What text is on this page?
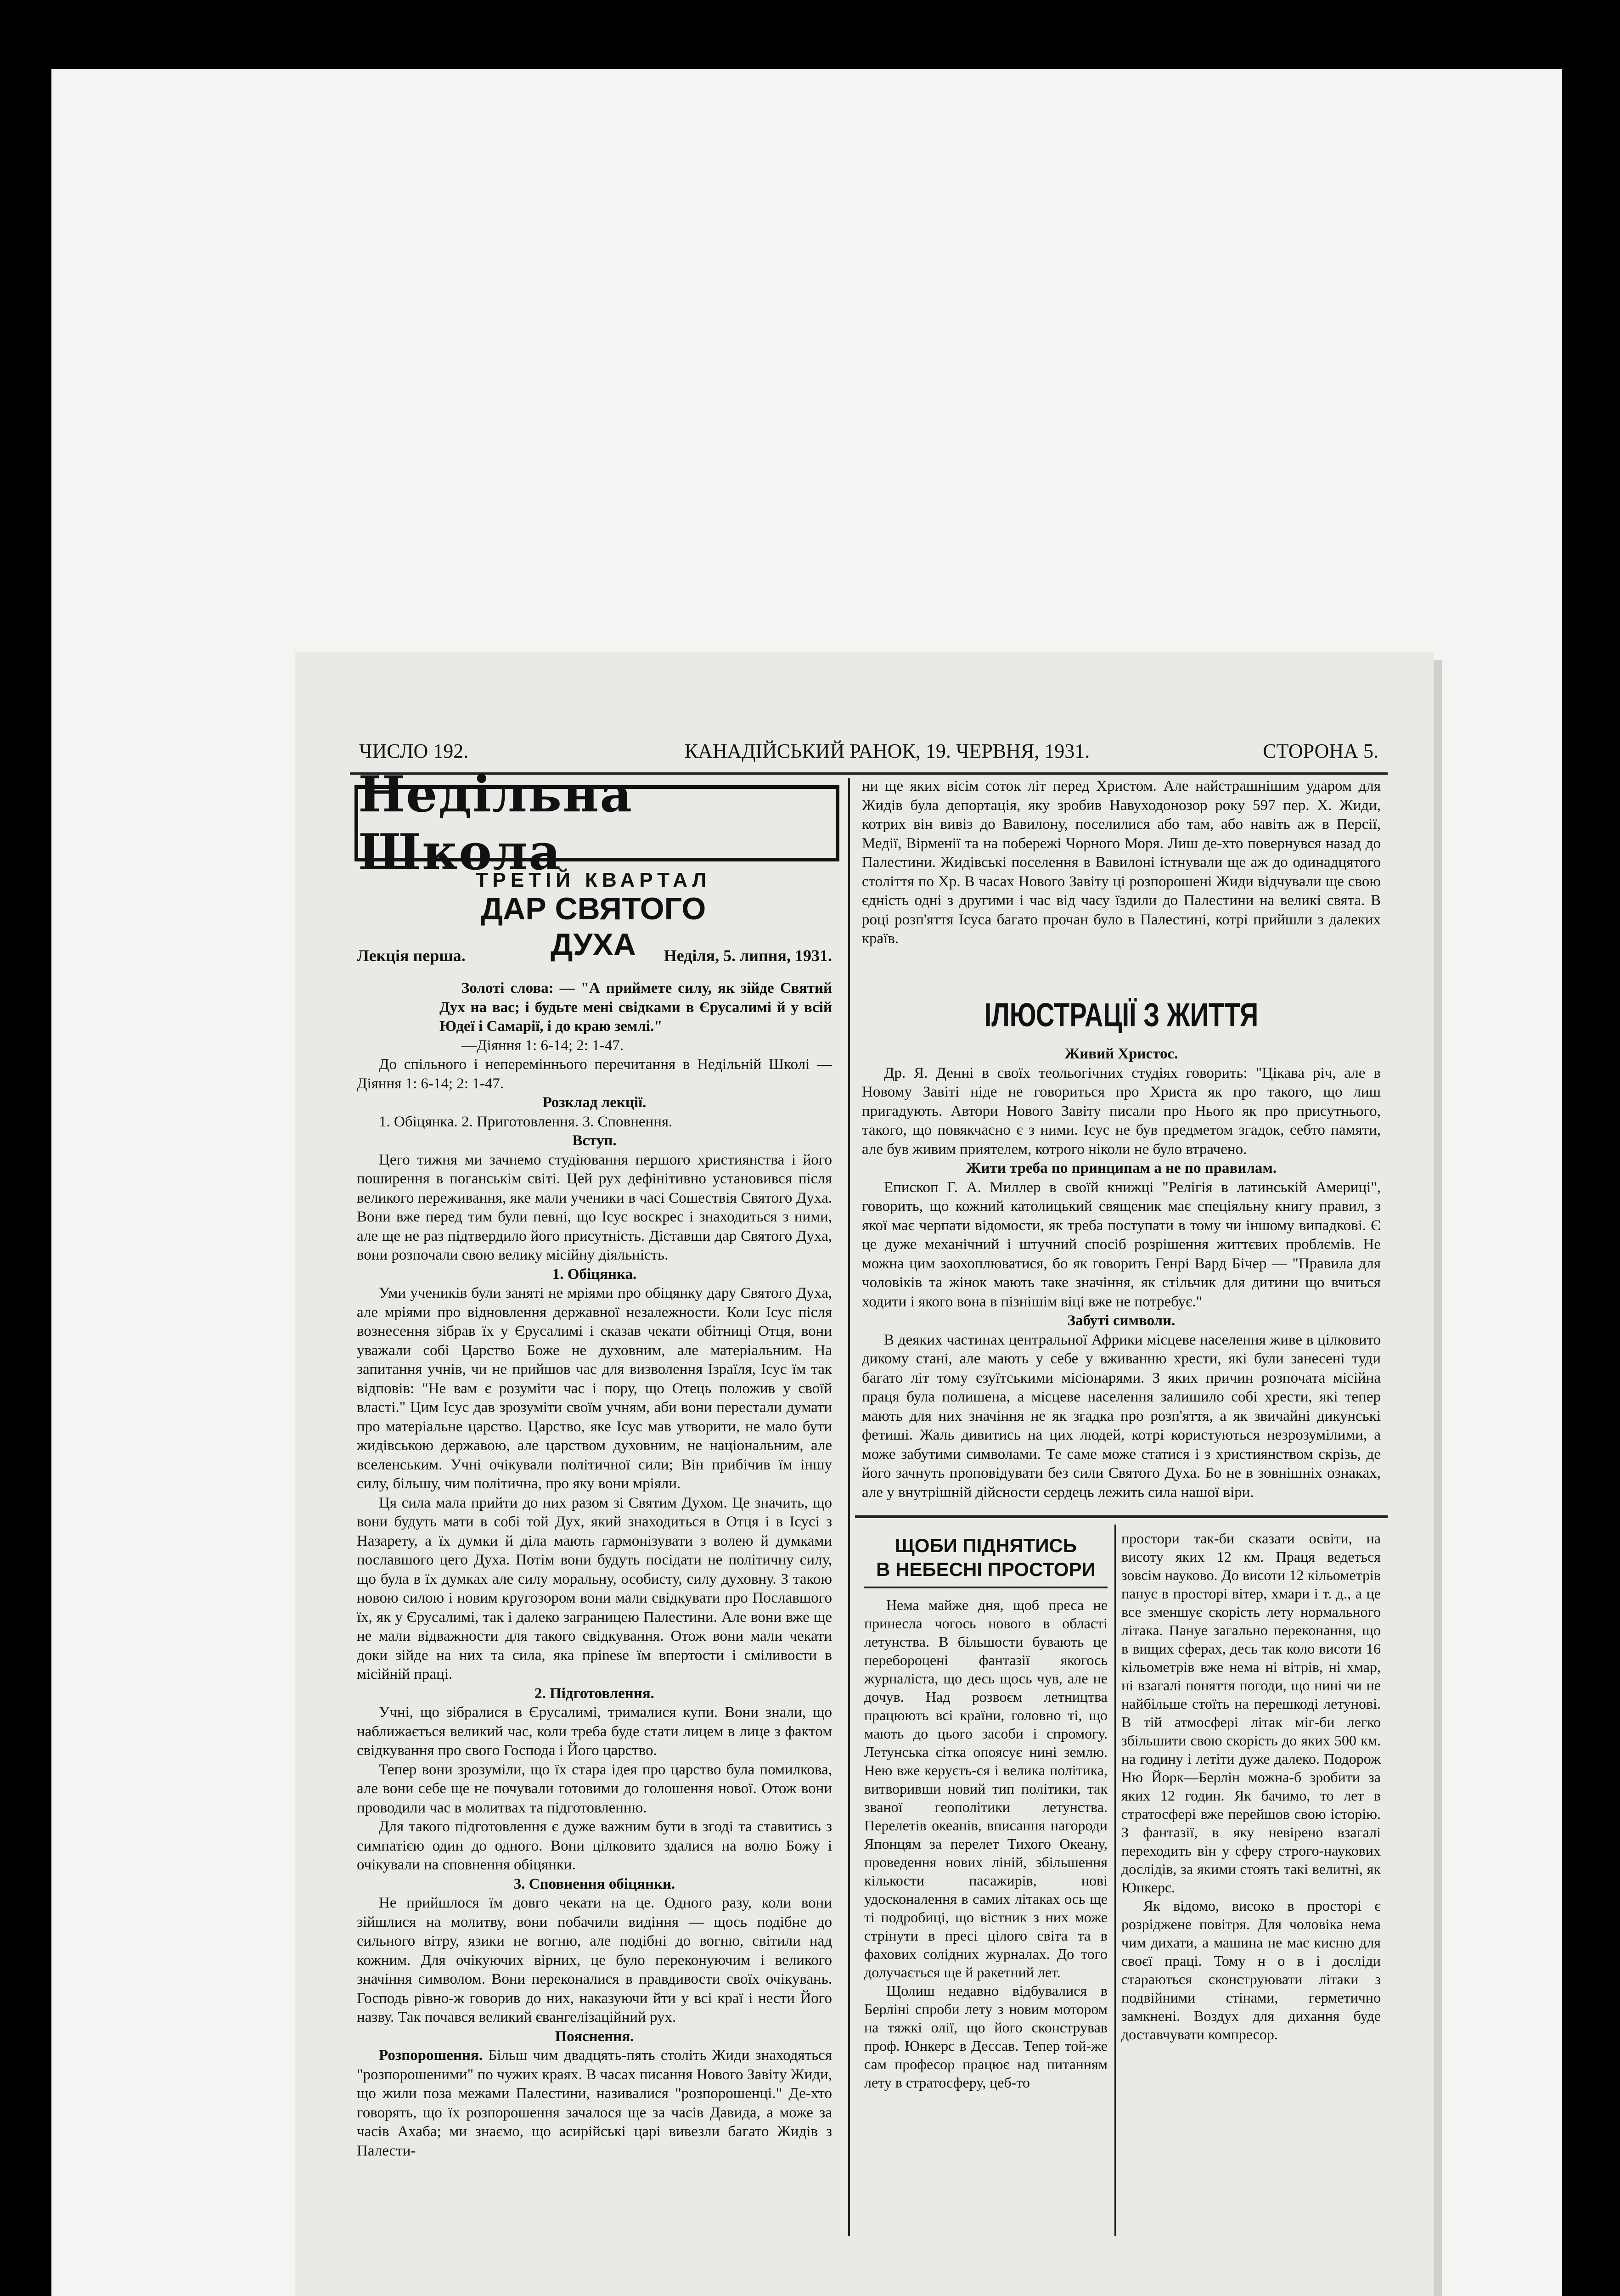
ЧИСЛО 192.	КАНАДІЙСЬКИЙ РАНОК, 19. ЧЕРВНЯ, 1931.	СТОРОНА 5.
Недільна Школа
ТРЕТІЙ КВАРТАЛ
ДАР СВЯТОГО ДУХА
Лекція перша.	Неділя, 5. липня, 1931.

Золоті слова: — "А приймете силу, як зійде Святий Дух на вас; і будьте мені свідками в Єрусалимі й у всій Юдеї і Самарії, і до краю землі."

—Діяння 1: 6-14; 2: 1-47.

До спільного і непереміннього перечитання в Недільній Школі — Діяння 1: 6-14; 2: 1-47.

Розклад лекції.

1. Обіцянка. 2. Приготовлення. 3. Сповнення.

Вступ.

Цего тижня ми зачнемо студіювання першого християнства і його поширення в поганськім світі. Цей рух дефінітивно установився після великого переживання, яке мали ученики в часі Сошествія Святого Духа. Вони вже перед тим були певні, що Ісус воскрес і знаходиться з ними, але ще не раз підтвердило його присутність. Діставши дар Святого Духа, вони розпочали свою велику місійну діяльність.

1. Обіцянка.

Уми учеників були заняті не мріями про обіцянку дару Святого Духа, але мріями про відновлення державної незалежности. Коли Ісус після вознесення зібрав їх у Єрусалимі і сказав чекати обітниці Отця, вони уважали собі Царство Боже не духовним, але матеріальним. На запитання учнів, чи не прийшов час для визволення Ізраїля, Ісус їм так відповів: "Не вам є розуміти час і пору, що Отець положив у своїй власті." Цим Ісус дав зрозуміти своїм учням, аби вони перестали думати про матеріальне царство. Царство, яке Ісус мав утворити, не мало бути жидівською державою, але царством духовним, не національним, але вселенським. Учні очікували політичної сили; Він прибічив їм іншу силу, більшу, чим політична, про яку вони мріяли.

Ця сила мала прийти до них разом зі Святим Духом. Це значить, що вони будуть мати в собі той Дух, який знаходиться в Отця і в Ісусі з Назарету, а їх думки й діла мають гармонізувати з волею й думками пославшого цего Духа. Потім вони будуть посідати не політичну силу, що була в їх думках але силу моральну, особисту, силу духовну. З такою новою силою і новим кругозором вони мали свідкувати про Пославшого їх, як у Єрусалимі, так і далеко заграницею Палестини. Але вони вже ще не мали відважности для такого свідкування. Отож вони мали чекати доки зійде на них та сила, яка прinesе їм впертости і сміливости в місійній праці.

2. Підготовлення.

Учні, що зібралися в Єрусалимі, трималися купи. Вони знали, що наближається великий час, коли треба буде стати лицем в лице з фактом свідкування про свого Господа і Його царство.

Тепер вони зрозуміли, що їх стара ідея про царство була помилкова, але вони себе ще не почували готовими до голошення нової. Отож вони проводили час в молитвах та підготовленню.

Для такого підготовлення є дуже важним бути в згоді та ставитись з симпатією один до одного. Вони цілковито здалися на волю Божу і очікували на сповнення обіцянки.

3. Сповнення обіцянки.

Не прийшлося їм довго чекати на це. Одного разу, коли вони зійшлися на молитву, вони побачили видіння — щось подібне до сильного вітру, язики не вогню, але подібні до вогню, світили над кожним. Для очікуючих вірних, це було переконуючим і великого значіння символом. Вони переконалися в правдивости своїх очікувань. Господь рівно-ж говорив до них, наказуючи йти у всі краї і нести Його назву. Так почався великий євангелізаційний рух.

Пояснення.

Розпорошення. Більш чим двадцять-пять століть Жиди знаходяться "розпорошеними" по чужих краях. В часах писання Нового Завіту Жиди, що жили поза межами Палестини, називалися "розпорошенці." Де-хто говорять, що їх розпорошення зачалося ще за часів Давида, а може за часів Ахаба; ми знаємо, що асирійські царі вивезли багато Жидів з Палести-

ни ще яких вісім соток літ перед Христом. Але найстрашнішим ударом для Жидів була депортація, яку зробив Навуходонозор року 597 пер. Х. Жиди, котрих він вивіз до Вавилону, поселилися або там, або навіть аж в Персії, Медії, Вірменії та на побережі Чорного Моря. Лиш де-хто повернувся назад до Палестини. Жидівські поселення в Вавилоні істнували ще аж до одинадцятого століття по Хр. В часах Нового Завіту ці розпорошені Жиди відчували ще свою єдність одні з другими і час від часу їздили до Палестини на великі свята. В році розп'яття Ісуса багато прочан було в Палестині, котрі прийшли з далеких країв.

ІЛЮСТРАЦІЇ З ЖИТТЯ

Живий Христос.

Др. Я. Денні в своїх теольогічних студіях говорить: "Цікава річ, але в Новому Завіті ніде не говориться про Христа як про такого, що лиш пригадують. Автори Нового Завіту писали про Нього як про присутнього, такого, що повякчасно є з ними. Ісус не був предметом згадок, себто памяти, але був живим приятелем, котрого ніколи не було втрачено.

Жити треба по принципам а не по правилам.

Епископ Г. А. Миллер в своїй книжці "Релігія в латинській Америці", говорить, що кожний католицький священик має спеціяльну книгу правил, з якої має черпати відомости, як треба поступати в тому чи іншому випадкові. Є це дуже механічний і штучний спосіб розрішення життєвих проблємів. Не можна цим заохоплюватися, бо як говорить Генрі Вард Бічер — "Правила для чоловіків та жінок мають таке значіння, як стільчик для дитини що вчиться ходити і якого вона в пізнішім віці вже не потребує."

Забуті символи.

В деяких частинах центральної Африки місцеве населення живе в цілковито дикому стані, але мають у себе у вживанню хрести, які були занесені туди багато літ тому єзуїтськими місіонарями. З яких причин розпочата місійна праця була полишена, а місцеве населення залишило собі хрести, які тепер мають для них значіння не як згадка про розп'яття, а як звичайні дикунські фетиші. Жаль дивитись на цих людей, котрі користуються незрозумілими, а може забутими символами. Те саме може статися і з християнством скрізь, де його зачнуть проповідувати без сили Святого Духа. Бо не в зовнішніх ознаках, але у внутрішній дійсности сердець лежить сила нашої віри.

ЩОБИ ПІДНЯТИСЬ
В НЕБЕСНІ ПРОСТОРИ

Нема майже дня, щоб преса не принесла чогось нового в області летунства. В більшости бувають це перебороцені фантазії якогось журналіста, що десь щось чув, але не дочув. Над розвоєм летництва працюють всі країни, головно ті, що мають до цього засоби і спромогу. Летунська сітка опоясує нині землю. Нею вже керуєть-ся і велика політика, витворивши новий тип політики, так званої геополітики летунства. Перелетів океанів, вписання нагороди Японцям за перелет Тихого Океану, проведення нових ліній, збільшення кількости пасажирів, нові удосконалення в самих літаках ось ще ті подробиці, що вістник з них може стрінути в пресі цілого світа та в фахових солідних журналах. До того долучається ще й ракетний лет.

Щолиш недавно відбувалися в Берліні спроби лету з новим мотором на тяжкі олії, що його сконстрував проф. Юнкерс в Дессав. Тепер той-же сам професор працює над питанням лету в стратосферу, цеб-то

простори так-би сказати освіти, на висоту яких 12 км. Праця ведеться зовсім науково. До висоти 12 кільометрів панує в просторі вітер, хмари і т. д., а це все зменшує скорість лету нормального літака. Пануе загально переконання, що в вищих сферах, десь так коло висоти 16 кільометрів вже нема ні вітрів, ні хмар, ні взагалі поняття погоди, що нині чи не найбільше стоїть на перешкоді летунові. В тій атмосфері літак міг-би легко збільшити свою скорість до яких 500 км. на годину і летіти дуже далеко. Подорож Ню Йорк—Берлін можна-б зробити за яких 12 годин. Як бачимо, то лет в стратосфері вже перейшов свою історію. З фантазії, в яку невірено взагалі переходить він у сферу строго-наукових дослідів, за якими стоять такі велитні, як Юнкерс.

Як відомо, високо в просторі є розріджене повітря. Для чоловіка нема чим дихати, а машина не має кисню для своєї праці. Тому н о в і досліди стараються сконструювати літаки з подвійними стінами, герметично замкнені. Воздух для дихання буде доставчувати компресор.
